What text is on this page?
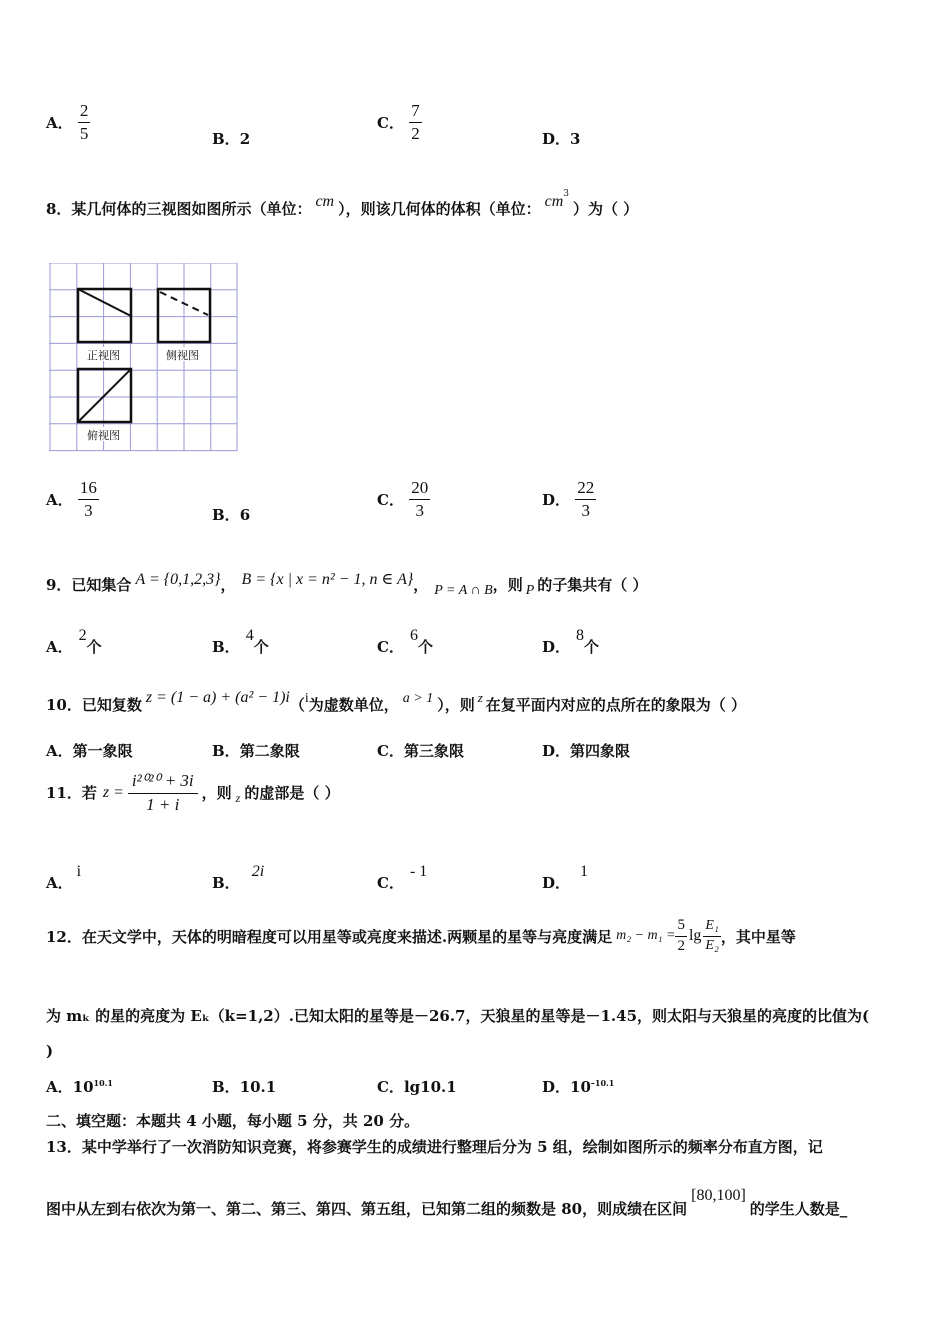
A． $\frac{2}{5}$	B．2
C． $\frac{7}{2}$	D．3
8．某几何体的三视图如图所示（单位： cm ），则该几何体的体积（单位： $cm^3$）为（ ）
正视图	侧视图
俯视图
A． $\frac{16}{3}$	B．6
C． $\frac{20}{3}$	D． $\frac{22}{3}$
9．已知集合 A = {0,1,2,3}， B = {x | x = n² − 1, n ∈ A}， P = A ∩ B，则 P 的子集共有（ ）
A．2个	B．4个	C．6个	D．8个
10．已知复数 z = (1 − a) + (a² − 1)i（i为虚数单位， a > 1 ），则 z 在复平面内对应的点所在的象限为（ ）
A．第一象限	B．第二象限	C．第三象限	D．第四象限
11．若 $z = \frac{\text{i²⁰²⁰ + 3i}}{1 + i}$ ，则 z 的虚部是（ ）
A．i
B．2i
C．- 1
D．1
12．在天文学中，天体的明暗程度可以用星等或亮度来描述.两颗星的星等与亮度满足 $m_2 - m_1 = \frac{5}{2}$ $\lg \frac{\text{E₁}}{\text{E₂}}$ ，其中星等
为 mₖ 的星的亮度为 Eₖ（k=1,2）.已知太阳的星等是－26.7，天狼星的星等是－1.45，则太阳与天狼星的亮度的比值为(
)
A．$10^{10.1}$	B．10.1	C．lg10.1	D．$10^{-10.1}$
二、填空题：本题共 4 小题，每小题 5 分，共 20 分。
13．某中学举行了一次消防知识竞赛，将参赛学生的成绩进行整理后分为 5 组，绘制如图所示的频率分布直方图，记
图中从左到右依次为第一、第二、第三、第四、第五组，已知第二组的频数是 80，则成绩在区间[80,100]的学生人数是_
